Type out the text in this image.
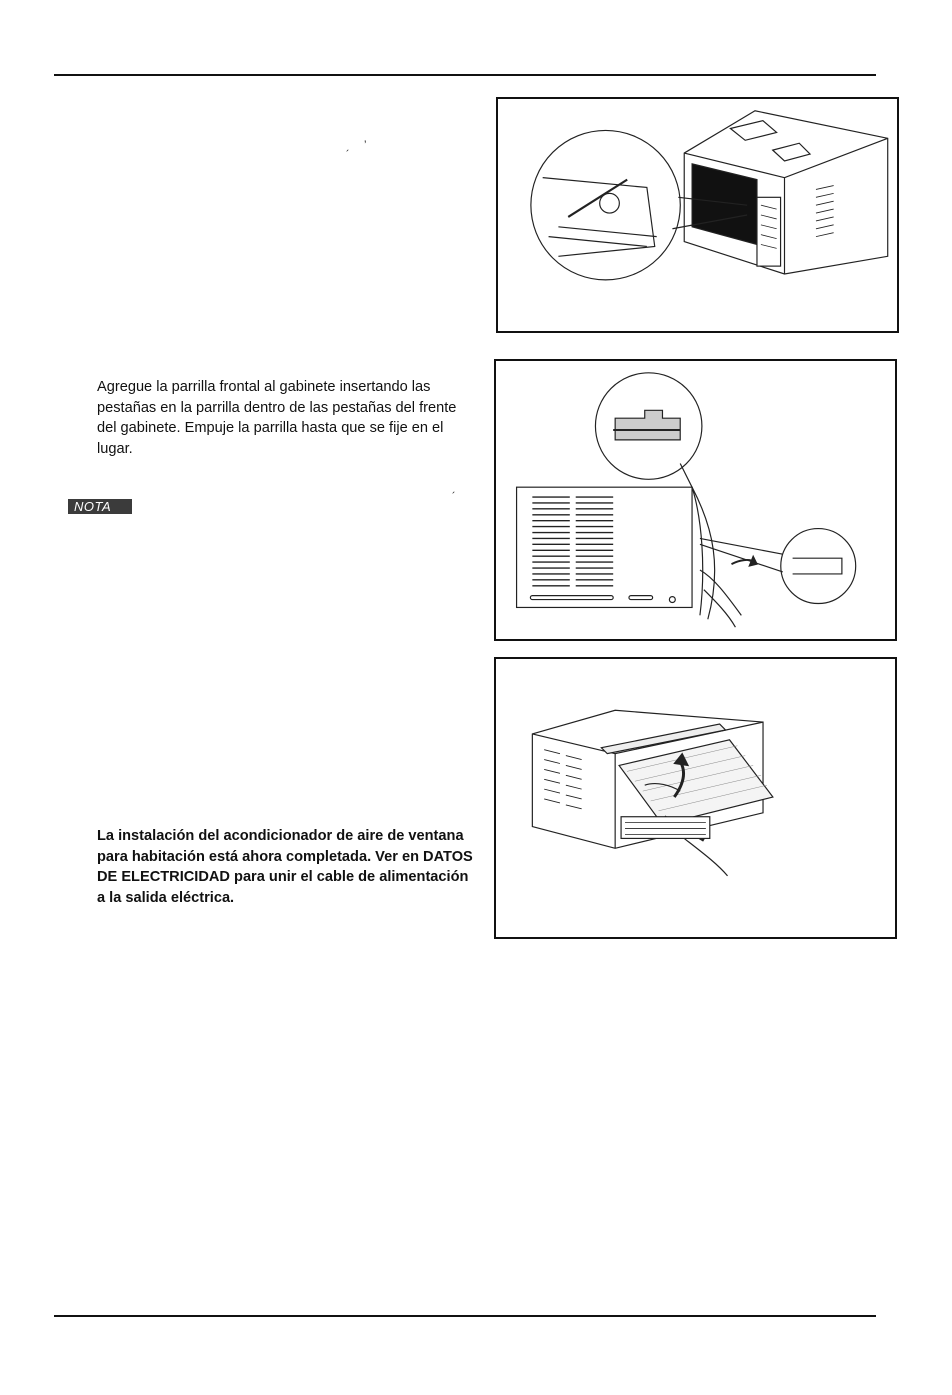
´
’
´
Agregue la parrilla frontal al gabinete insertando las pestañas en la parrilla dentro de las pestañas del frente del gabinete. Empuje la parrilla hasta que se fije en el lugar.
NOTA
La instalación del acondicionador de aire de ventana para habitación está ahora completada. Ver en DATOS DE ELECTRICIDAD para unir el cable de alimentación a la salida eléctrica.
